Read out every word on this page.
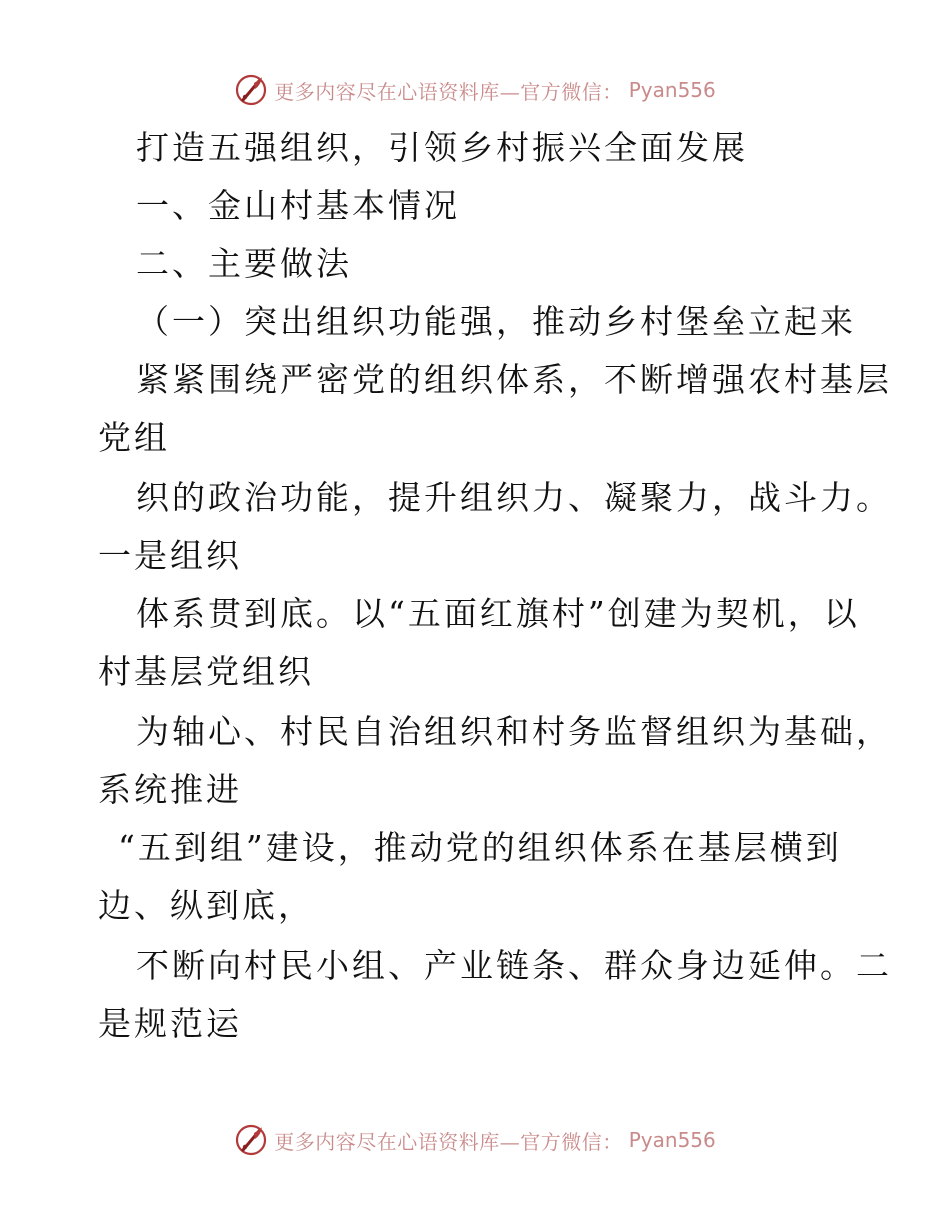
更多内容尽在心语资料库—官方微信： Pyan556
打造五强组织，引领乡村振兴全面发展
一、金山村基本情况
二、主要做法
（一）突出组织功能强，推动乡村堡垒立起来
紧紧围绕严密党的组织体系，不断增强农村基层
党组
织的政治功能，提升组织力、凝聚力，战斗力。
一是组织
体系贯到底。以“五面红旗村”创建为契机，以
村基层党组织
为轴心、村民自治组织和村务监督组织为基础，
系统推进
“五到组”建设，推动党的组织体系在基层横到
边、纵到底，
不断向村民小组、产业链条、群众身边延伸。二
是规范运
更多内容尽在心语资料库—官方微信： Pyan556
